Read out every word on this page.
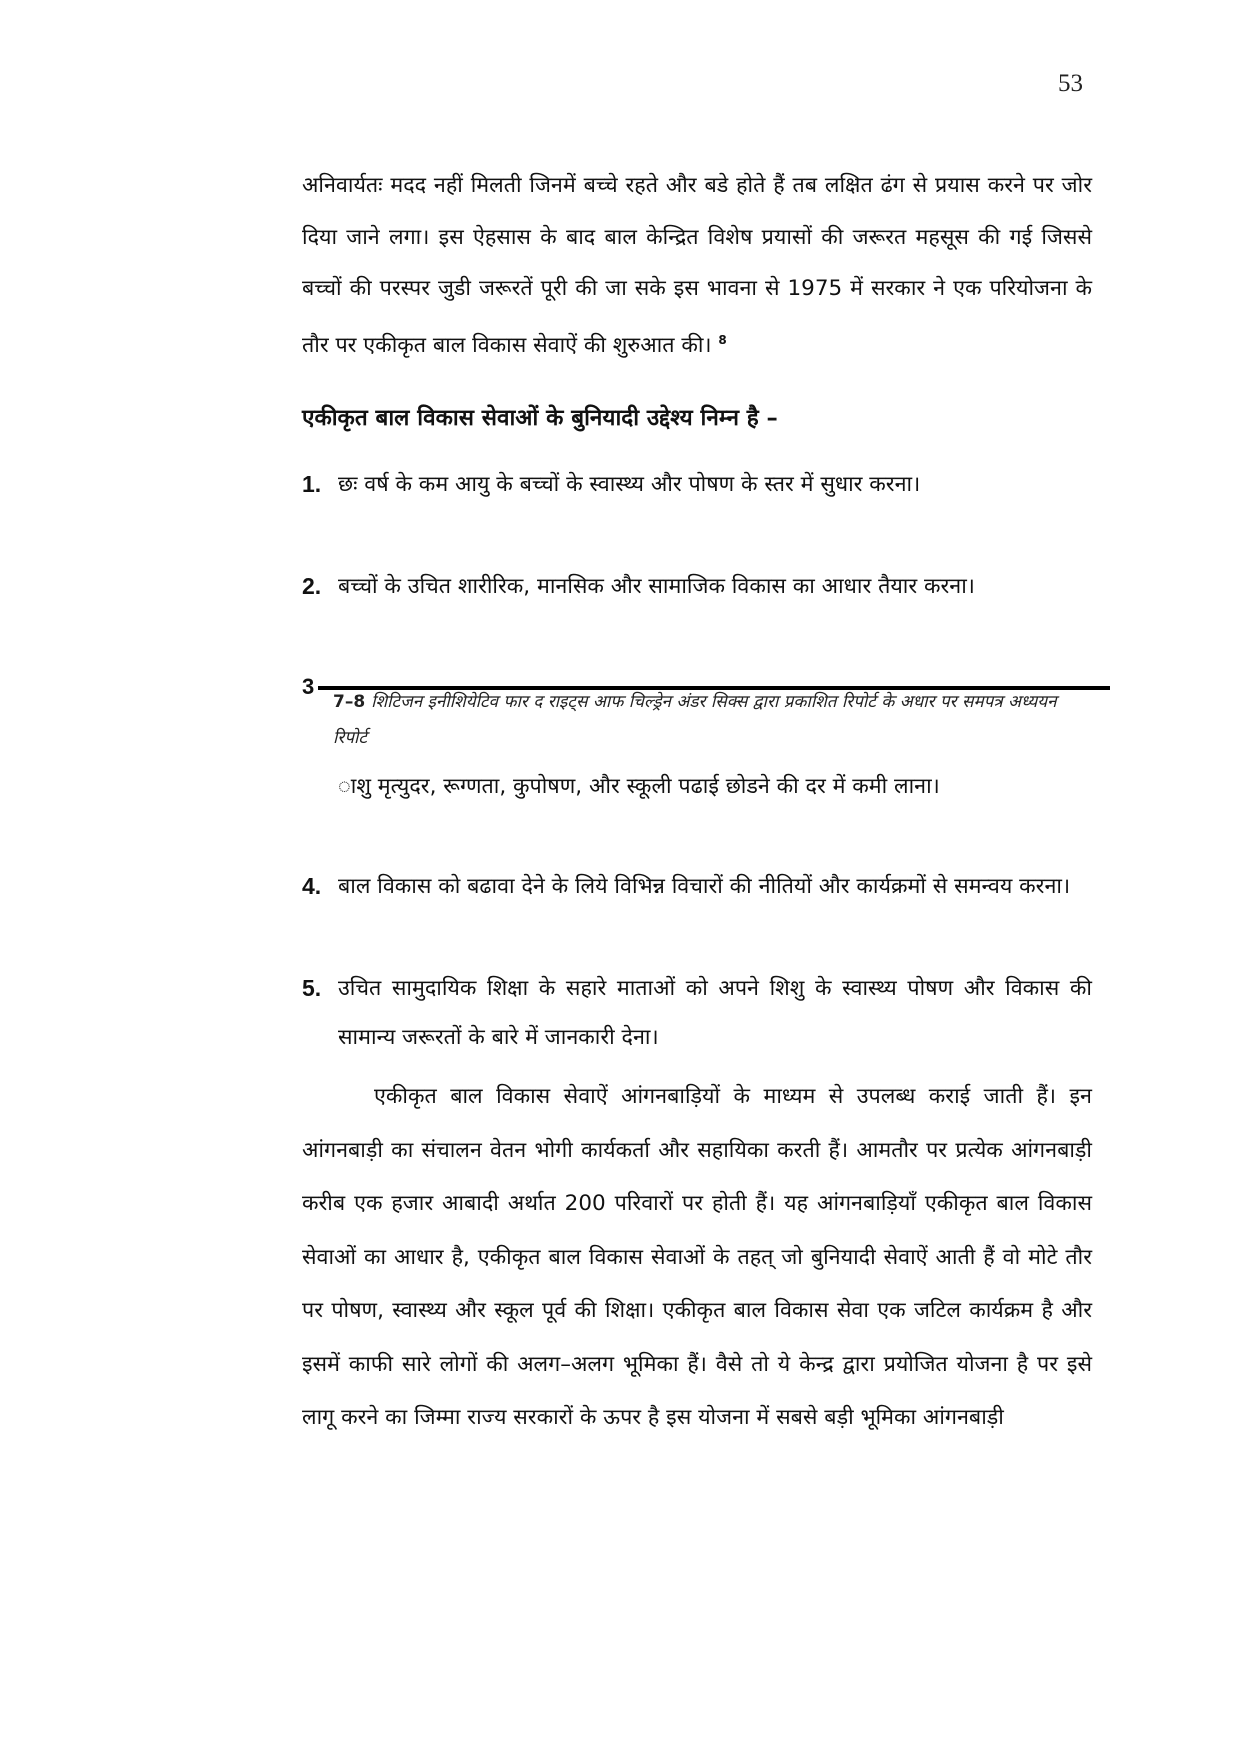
53
अनिवार्यतः मदद नहीं मिलती जिनमें बच्चे रहते और बडे होते हैं तब लक्षित ढंग से प्रयास करने पर जोर दिया जाने लगा। इस ऐहसास के बाद बाल केन्द्रित विशेष प्रयासों की जरूरत महसूस की गई जिससे बच्चों की परस्पर जुडी जरूरतें पूरी की जा सके इस भावना से 1975 में सरकार ने एक परियोजना के तौर पर एकीकृत बाल विकास सेवाऐं की शुरुआत की। $^8$
एकीकृत बाल विकास सेवाओं के बुनियादी उद्देश्य निम्न है –
1. छः वर्ष के कम आयु के बच्चों के स्वास्थ्य और पोषण के स्तर में सुधार करना।
2. बच्चों के उचित शारीरिक, मानसिक और सामाजिक विकास का आधार तैयार करना।
3
7–8 शिटिजन इनीशियेटिव फार द राइट्स आफ चिल्ड्रेन अंडर सिक्स द्वारा प्रकाशित रिपोर्ट के अधार पर समपत्र अध्ययन रिपोर्ट
ाशु मृत्युदर, रूग्णता, कुपोषण, और स्कूली पढाई छोडने की दर में कमी लाना।
4. बाल विकास को बढावा देने के लिये विभिन्न विचारों की नीतियों और कार्यक्रमों से समन्वय करना।
5. उचित सामुदायिक शिक्षा के सहारे माताओं को अपने शिशु के स्वास्थ्य पोषण और विकास की सामान्य जरूरतों के बारे में जानकारी देना।
एकीकृत बाल विकास सेवाऐं आंगनबाड़ियों के माध्यम से उपलब्ध कराई जाती हैं। इन आंगनबाड़ी का संचालन वेतन भोगी कार्यकर्ता और सहायिका करती हैं। आमतौर पर प्रत्येक आंगनबाड़ी करीब एक हजार आबादी अर्थात 200 परिवारों पर होती हैं। यह आंगनबाड़ियाॅं एकीकृत बाल विकास सेवाओं का आधार है, एकीकृत बाल विकास सेवाओं के तहत् जो बुनियादी सेवाऐं आती हैं वो मोटे तौर पर पोषण, स्वास्थ्य और स्कूल पूर्व की शिक्षा। एकीकृत बाल विकास सेवा एक जटिल कार्यक्रम है और इसमें काफी सारे लोगों की अलग–अलग भूमिका हैं। वैसे तो ये केन्द्र द्वारा प्रयोजित योजना है पर इसे लागू करने का जिम्मा राज्य सरकारों के ऊपर है इस योजना में सबसे बड़ी भूमिका आंगनबाड़ी
